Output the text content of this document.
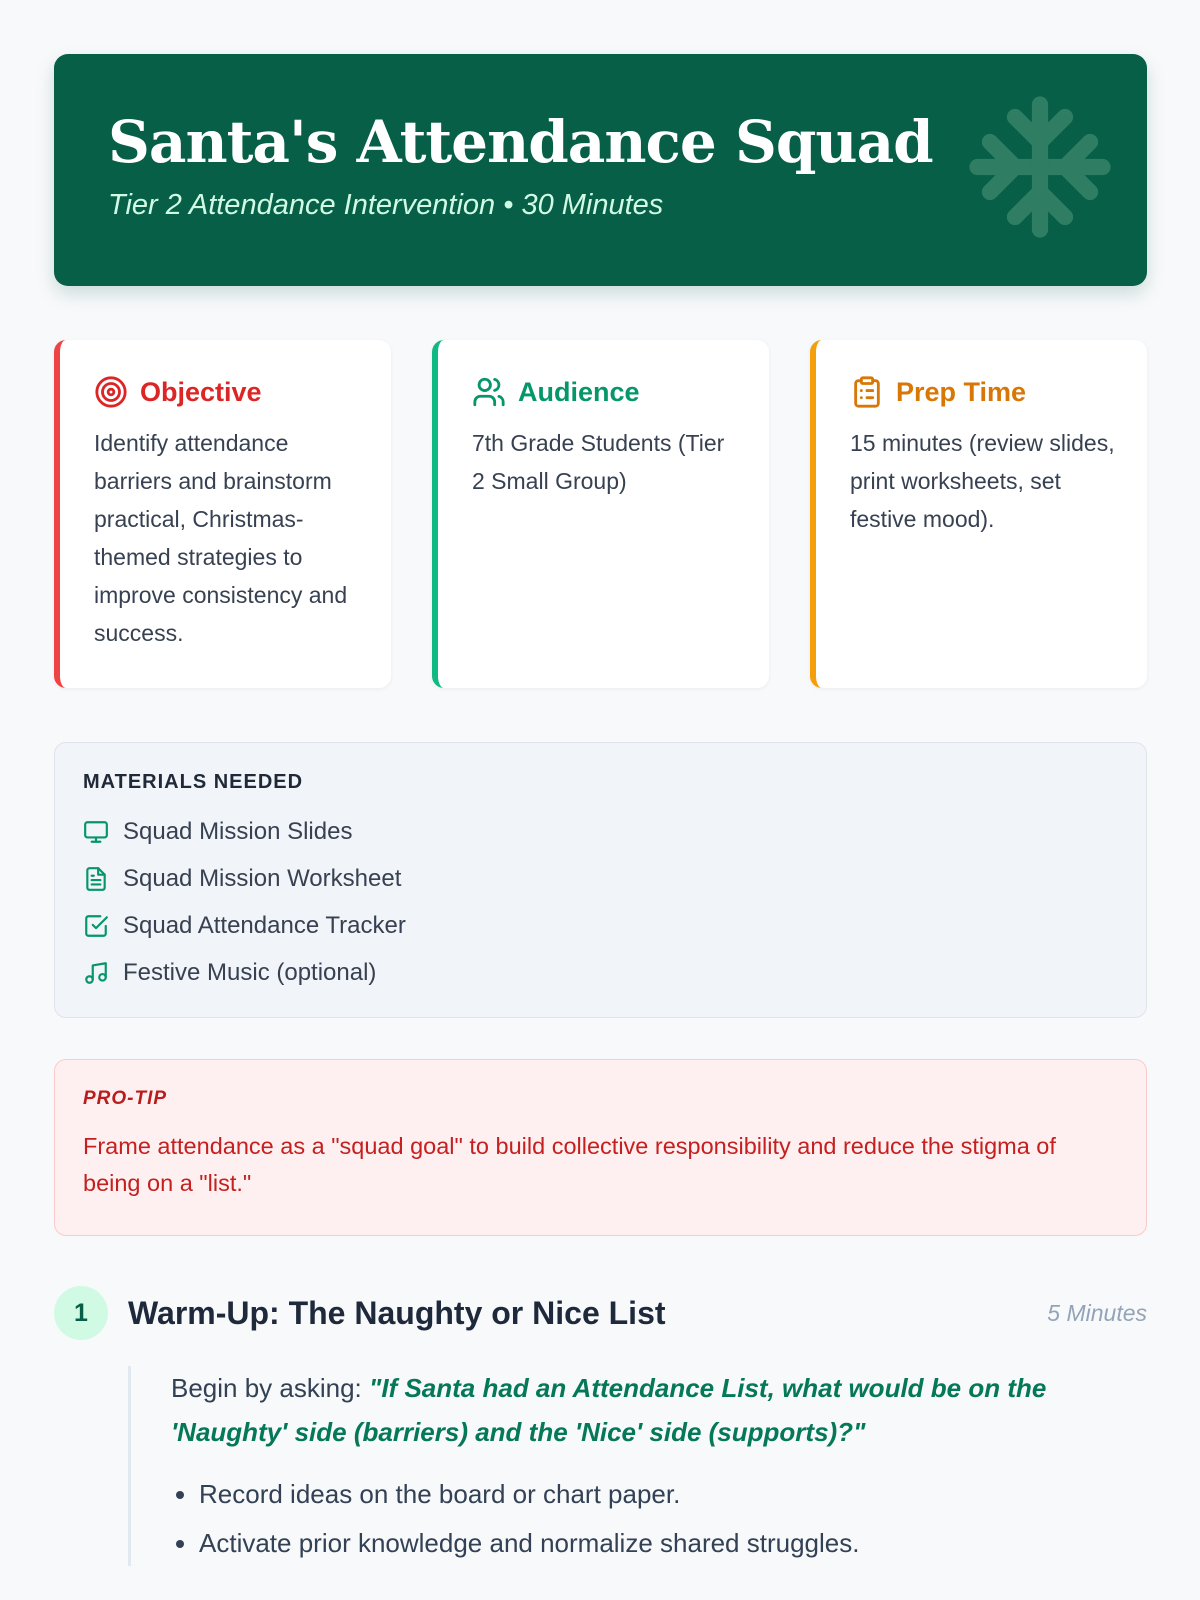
Santa's Attendance Squad
Tier 2 Attendance Intervention • 30 Minutes
Objective

Identify attendance barriers and brainstorm practical, Christmas-themed strategies to improve consistency and success.

Audience

7th Grade Students (Tier 2 Small Group)

Prep Time

15 minutes (review slides, print worksheets, set festive mood).

MATERIALS NEEDED
Squad Mission Slides
Squad Mission Worksheet
Squad Attendance Tracker
Festive Music (optional)
PRO-TIP

Frame attendance as a "squad goal" to build collective responsibility and reduce the stigma of being on a "list."

1	Warm-Up: The Naughty or Nice List	5 Minutes

Begin by asking: "If Santa had an Attendance List, what would be on the 'Naughty' side (barriers) and the 'Nice' side (supports)?"

• Record ideas on the board or chart paper.
• Activate prior knowledge and normalize shared struggles.
